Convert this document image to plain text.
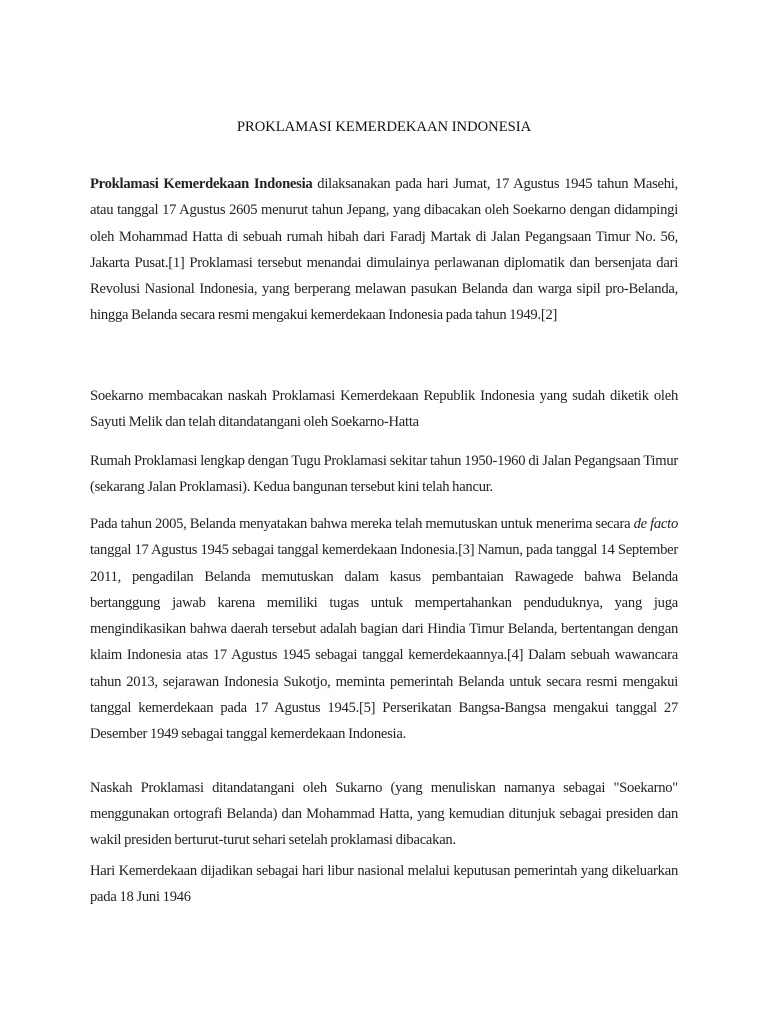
PROKLAMASI KEMERDEKAAN INDONESIA

Proklamasi Kemerdekaan Indonesia dilaksanakan pada hari Jumat, 17 Agustus 1945 tahun Masehi, atau tanggal 17 Agustus 2605 menurut tahun Jepang, yang dibacakan oleh Soekarno dengan didampingi oleh Mohammad Hatta di sebuah rumah hibah dari Faradj Martak di Jalan Pegangsaan Timur No. 56, Jakarta Pusat.[1] Proklamasi tersebut menandai dimulainya perlawanan diplomatik dan bersenjata dari Revolusi Nasional Indonesia, yang berperang melawan pasukan Belanda dan warga sipil pro-Belanda, hingga Belanda secara resmi mengakui kemerdekaan Indonesia pada tahun 1949.[2]

Soekarno membacakan naskah Proklamasi Kemerdekaan Republik Indonesia yang sudah diketik oleh Sayuti Melik dan telah ditandatangani oleh Soekarno-Hatta

Rumah Proklamasi lengkap dengan Tugu Proklamasi sekitar tahun 1950-1960 di Jalan Pegangsaan Timur (sekarang Jalan Proklamasi). Kedua bangunan tersebut kini telah hancur.

Pada tahun 2005, Belanda menyatakan bahwa mereka telah memutuskan untuk menerima secara de facto tanggal 17 Agustus 1945 sebagai tanggal kemerdekaan Indonesia.[3] Namun, pada tanggal 14 September 2011, pengadilan Belanda memutuskan dalam kasus pembantaian Rawagede bahwa Belanda bertanggung jawab karena memiliki tugas untuk mempertahankan penduduknya, yang juga mengindikasikan bahwa daerah tersebut adalah bagian dari Hindia Timur Belanda, bertentangan dengan klaim Indonesia atas 17 Agustus 1945 sebagai tanggal kemerdekaannya.[4] Dalam sebuah wawancara tahun 2013, sejarawan Indonesia Sukotjo, meminta pemerintah Belanda untuk secara resmi mengakui tanggal kemerdekaan pada 17 Agustus 1945.[5] Perserikatan Bangsa-Bangsa mengakui tanggal 27 Desember 1949 sebagai tanggal kemerdekaan Indonesia.

Naskah Proklamasi ditandatangani oleh Sukarno (yang menuliskan namanya sebagai "Soekarno" menggunakan ortografi Belanda) dan Mohammad Hatta, yang kemudian ditunjuk sebagai presiden dan wakil presiden berturut-turut sehari setelah proklamasi dibacakan.

Hari Kemerdekaan dijadikan sebagai hari libur nasional melalui keputusan pemerintah yang dikeluarkan pada 18 Juni 1946
